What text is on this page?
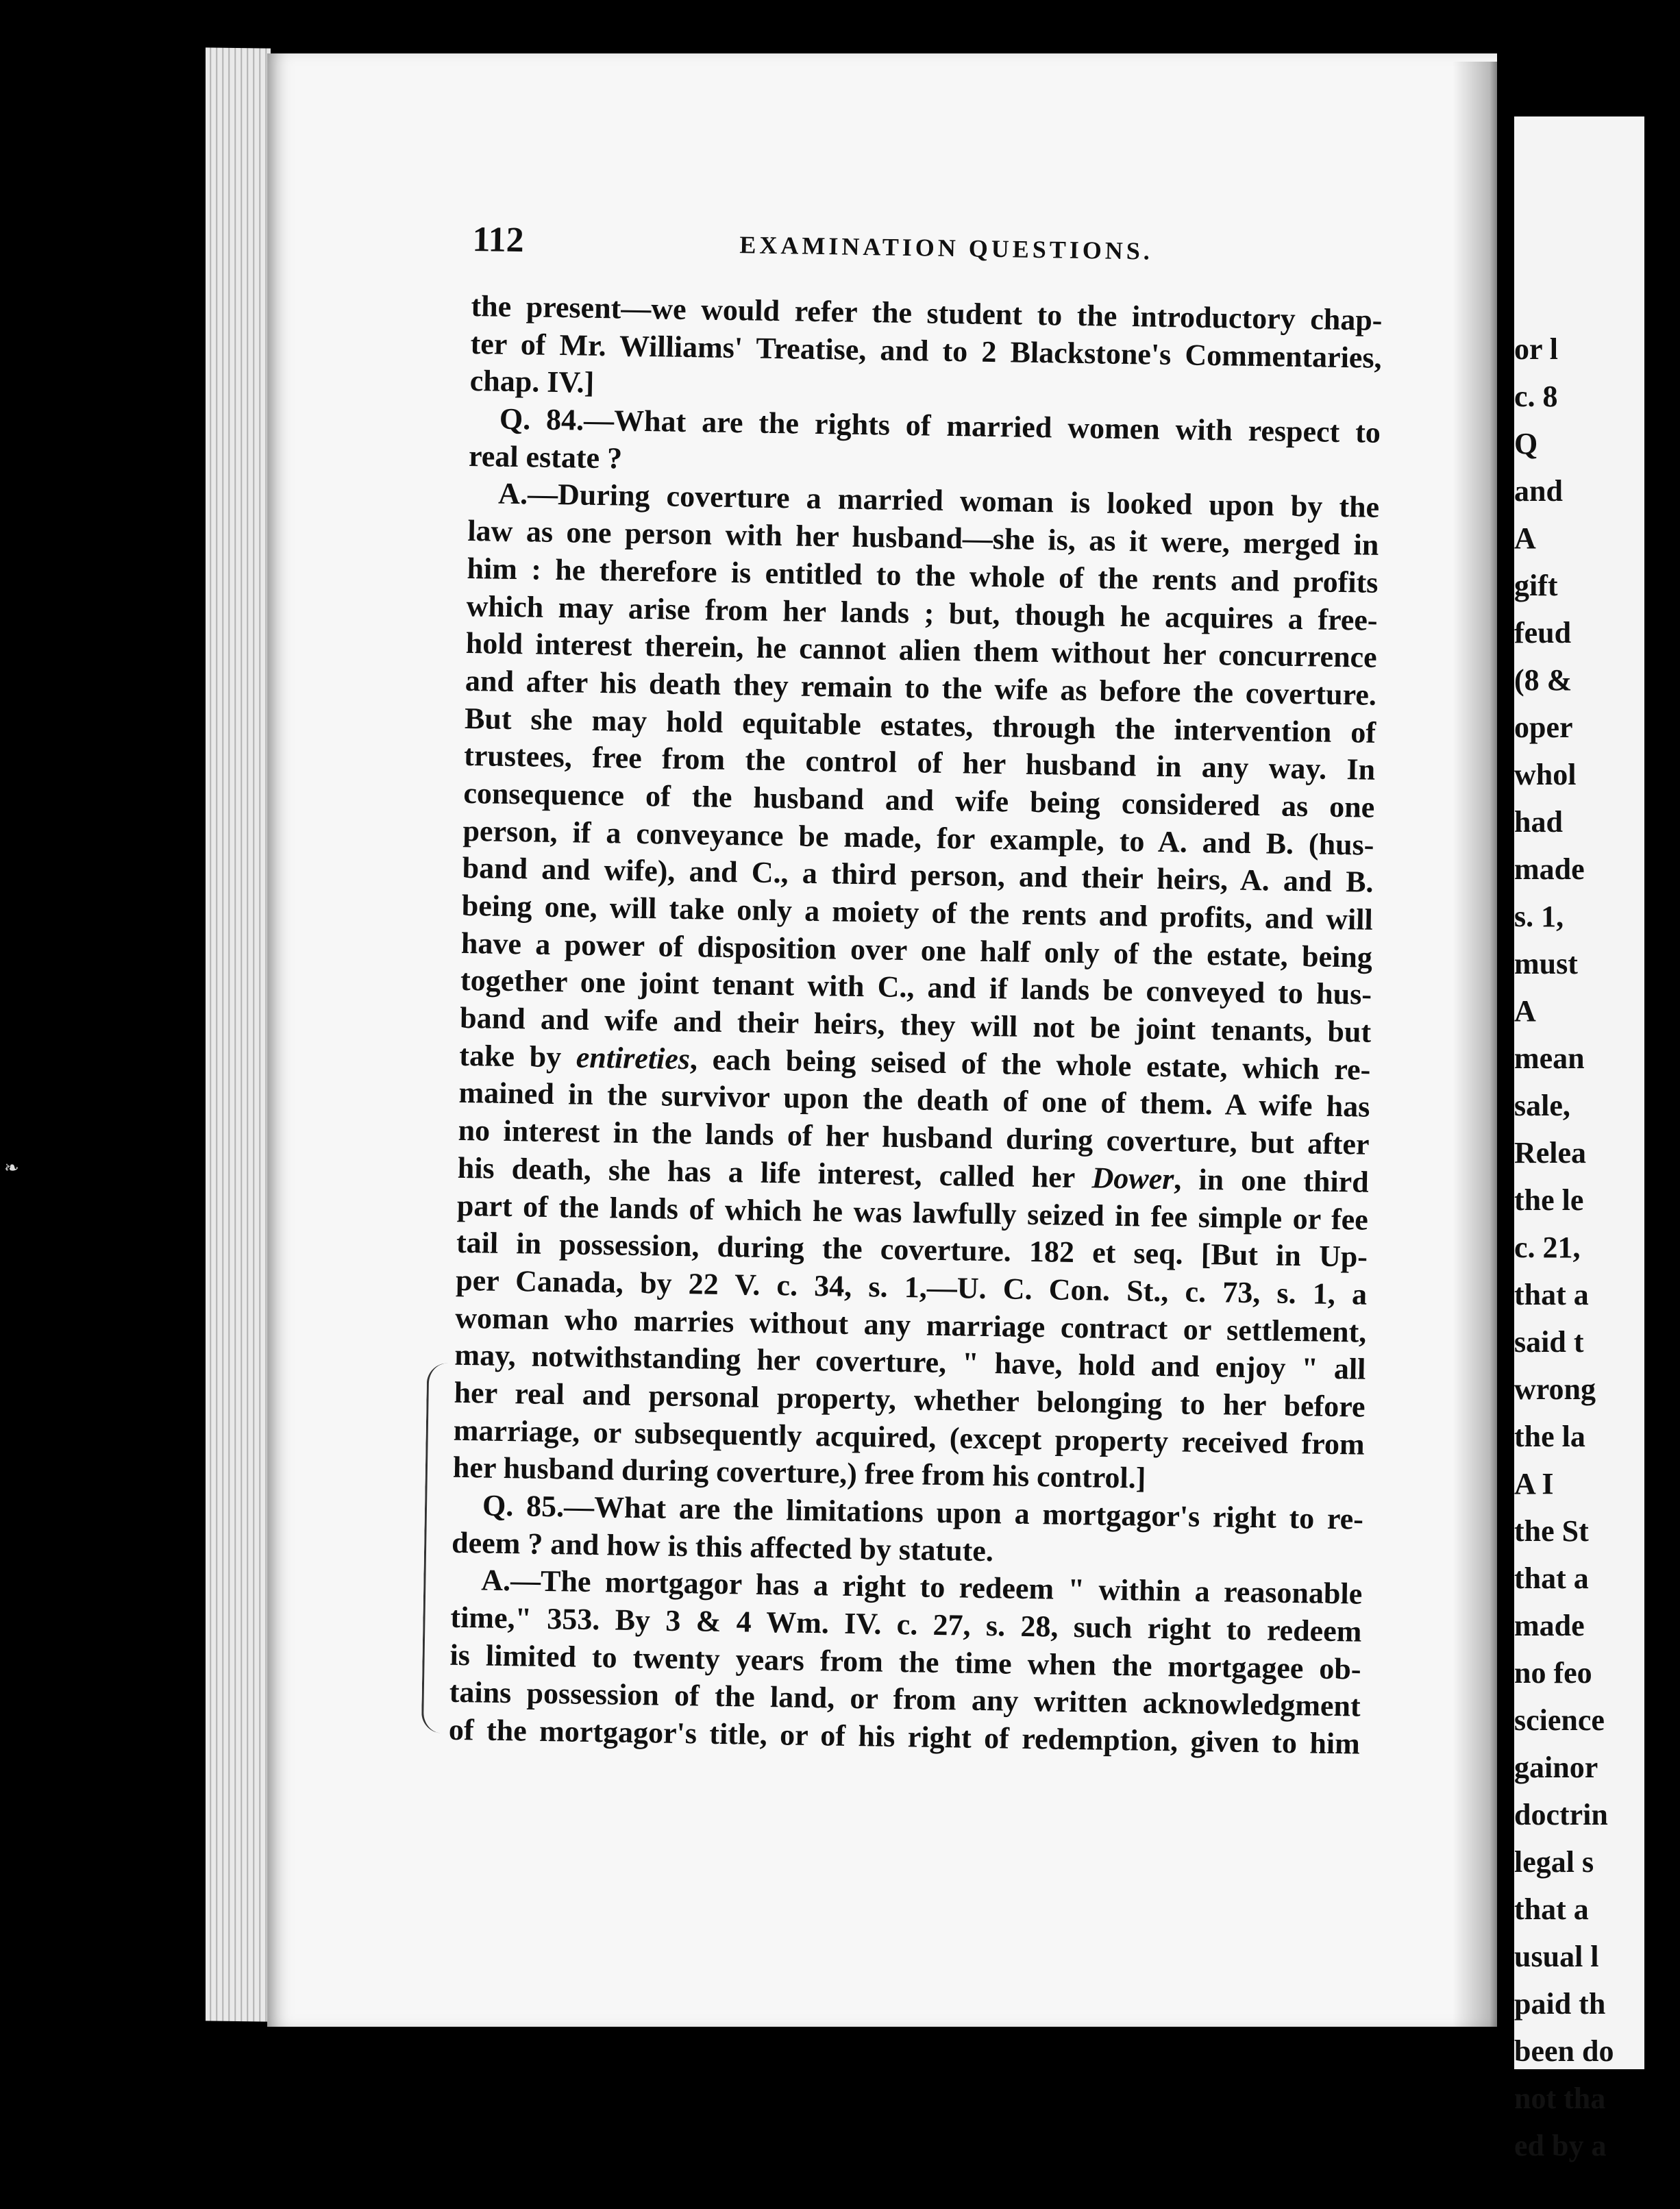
❧
112	EXAMINATION QUESTIONS.
the present—we would refer the student to the introductory chap-
ter of Mr. Williams' Treatise, and to 2 Blackstone's Commentaries,
chap. IV.]
Q. 84.—What are the rights of married women with respect to
real estate ?
A.—During coverture a married woman is looked upon by the
law as one person with her husband—she is, as it were, merged in
him : he therefore is entitled to the whole of the rents and profits
which may arise from her lands ; but, though he acquires a free-
hold interest therein, he cannot alien them without her concurrence
and after his death they remain to the wife as before the coverture.
But she may hold equitable estates, through the intervention of
trustees, free from the control of her husband in any way. In
consequence of the husband and wife being considered as one
person, if a conveyance be made, for example, to A. and B. (hus-
band and wife), and C., a third person, and their heirs, A. and B.
being one, will take only a moiety of the rents and profits, and will
have a power of disposition over one half only of the estate, being
together one joint tenant with C., and if lands be conveyed to hus-
band and wife and their heirs, they will not be joint tenants, but
take by entireties, each being seised of the whole estate, which re-
mained in the survivor upon the death of one of them. A wife has
no interest in the lands of her husband during coverture, but after
his death, she has a life interest, called her Dower, in one third
part of the lands of which he was lawfully seized in fee simple or fee
tail in possession, during the coverture. 182 et seq. [But in Up-
per Canada, by 22 V. c. 34, s. 1,—U. C. Con. St., c. 73, s. 1, a
woman who marries without any marriage contract or settlement,
may, notwithstanding her coverture, " have, hold and enjoy " all
her real and personal property, whether belonging to her before
marriage, or subsequently acquired, (except property received from
her husband during coverture,) free from his control.]
Q. 85.—What are the limitations upon a mortgagor's right to re-
deem ? and how is this affected by statute.
A.—The mortgagor has a right to redeem " within a reasonable
time," 353. By 3 & 4 Wm. IV. c. 27, s. 28, such right to redeem
is limited to twenty years from the time when the mortgagee ob-
tains possession of the land, or from any written acknowledgment
of the mortgagor's title, or of his right of redemption, given to him
or l
c. 8
Q
and
A
gift
feud
(8 &
oper
whol
had
made
s. 1,
must
A
mean
sale,
Relea
the le
c. 21,
that a
said t
wrong
the la
A I
the St
that a
made
no feo
science
gainor
doctrin
legal s
that a
usual l
paid th
been do
not tha
ed by a
